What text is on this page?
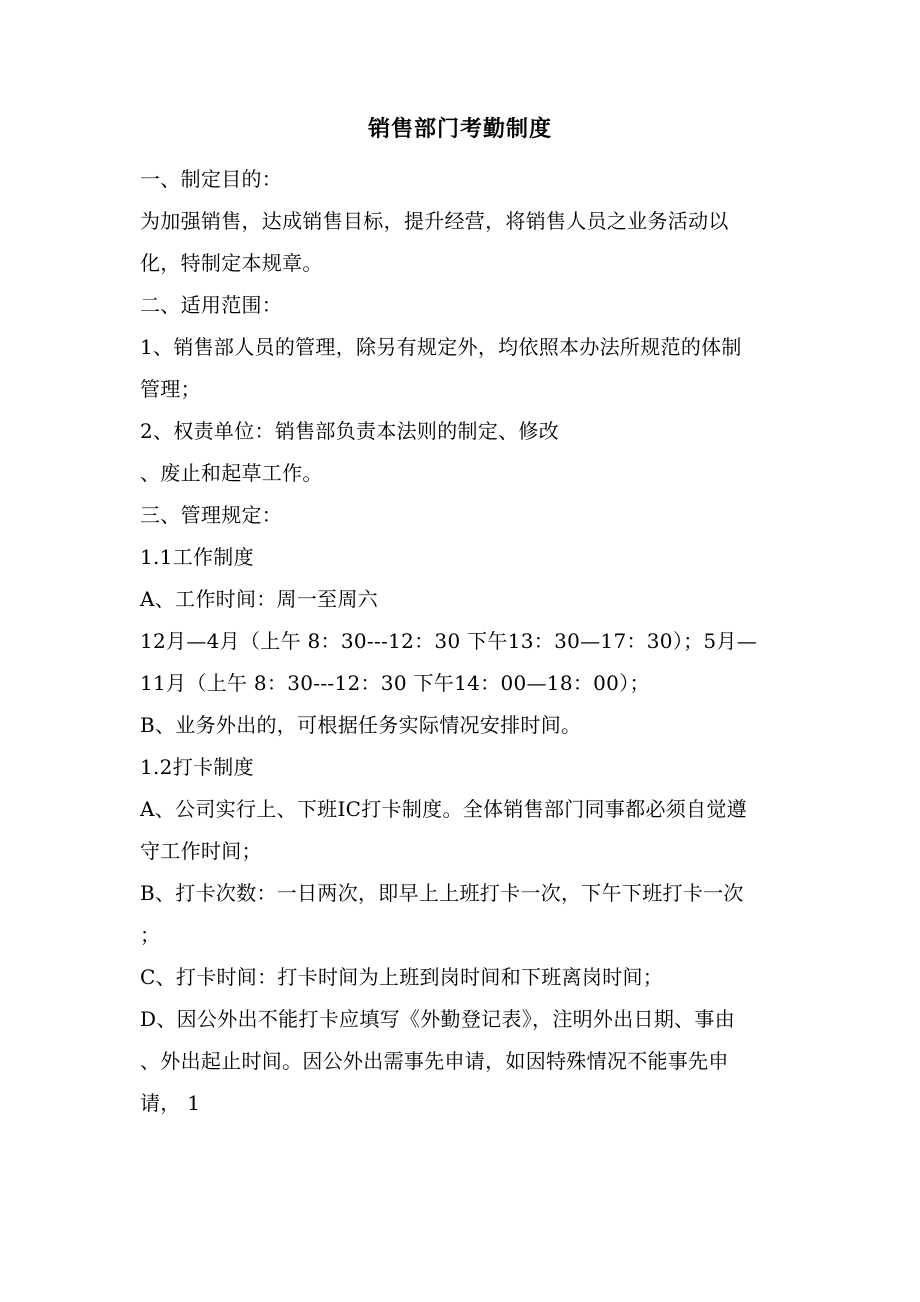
销售部门考勤制度
一、制定目的：
为加强销售，达成销售目标，提升经营，将销售人员之业务活动以
化，特制定本规章。
二、适用范围：
1、销售部人员的管理，除另有规定外，均依照本办法所规范的体制
管理；
2、权责单位：销售部负责本法则的制定、修改
、废止和起草工作。
三、管理规定：
1.1工作制度
A、工作时间：周一至周六
12月—4月（上午 8：30---12：30 下午13：30—17：30）；5月—
11月（上午 8：30---12：30 下午14：00—18：00）；
B、业务外出的，可根据任务实际情况安排时间。
1.2打卡制度
A、公司实行上、下班IC打卡制度。全体销售部门同事都必须自觉遵
守工作时间；
B、打卡次数：一日两次，即早上上班打卡一次，下午下班打卡一次
；
C、打卡时间：打卡时间为上班到岗时间和下班离岗时间；
D、因公外出不能打卡应填写《外勤登记表》，注明外出日期、事由
、外出起止时间。因公外出需事先申请，如因特殊情况不能事先申
请， 1
